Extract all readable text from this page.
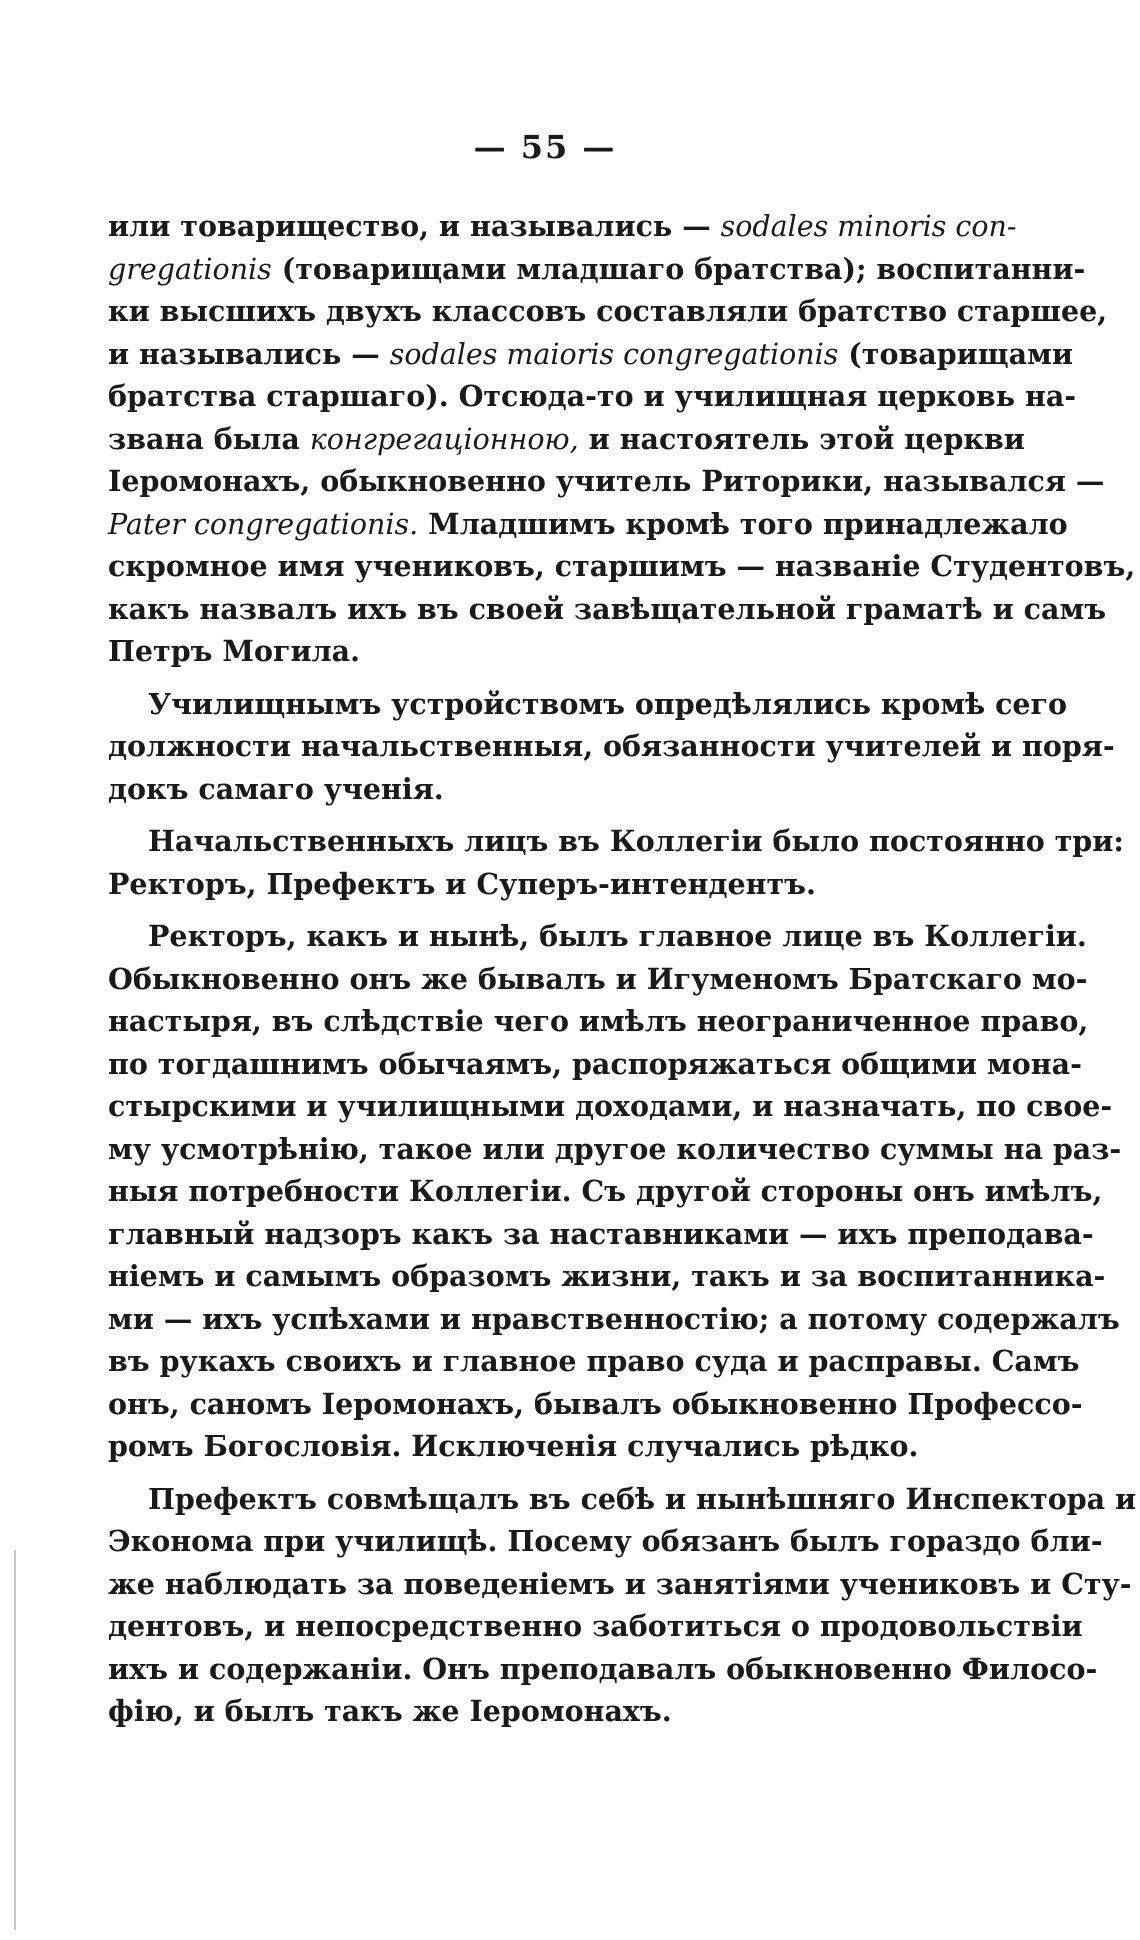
— 55 —
или товарищество, и назывались — sodales minoris con-
gregationis (товарищами младшаго братства); воспитанни-
ки высшихъ двухъ классовъ составляли братство старшее,
и назывались — sodales maioris congregationis (товарищами
братства старшаго). Отсюда-то и училищная церковь на-
звана была конгрегаціонною, и настоятель этой церкви
Іеромонахъ, обыкновенно учитель Риторики, назывался —
Pater congregationis. Младшимъ кромѣ того принадлежало
скромное имя учениковъ, старшимъ — названіе Студентовъ,
какъ назвалъ ихъ въ своей завѣщательной граматѣ и самъ
Петръ Могила.
Училищнымъ устройствомъ опредѣлялись кромѣ сего
должности начальственныя, обязанности учителей и поря-
докъ самаго ученія.
Начальственныхъ лицъ въ Коллегіи было постоянно три:
Ректоръ, Префектъ и Суперъ-интендентъ.
Ректоръ, какъ и нынѣ, былъ главное лице въ Коллегіи.
Обыкновенно онъ же бывалъ и Игуменомъ Братскаго мо-
настыря, въ слѣдствіе чего имѣлъ неограниченное право,
по тогдашнимъ обычаямъ, распоряжаться общими мона-
стырскими и училищными доходами, и назначать, по свое-
му усмотрѣнію, такое или другое количество суммы на раз-
ныя потребности Коллегіи. Съ другой стороны онъ имѣлъ,
главный надзоръ какъ за наставниками — ихъ преподава-
ніемъ и самымъ образомъ жизни, такъ и за воспитанника-
ми — ихъ успѣхами и нравственностію; а потому содержалъ
въ рукахъ своихъ и главное право суда и расправы. Самъ
онъ, саномъ Іеромонахъ, бывалъ обыкновенно Профессо-
ромъ Богословія. Исключенія случались рѣдко.
Префектъ совмѣщалъ въ себѣ и нынѣшняго Инспектора и
Эконома при училищѣ. Посему обязанъ былъ гораздо бли-
же наблюдать за поведеніемъ и занятіями учениковъ и Сту-
дентовъ, и непосредственно заботиться о продовольствіи
ихъ и содержаніи. Онъ преподавалъ обыкновенно Филосо-
фію, и былъ такъ же Іеромонахъ.
